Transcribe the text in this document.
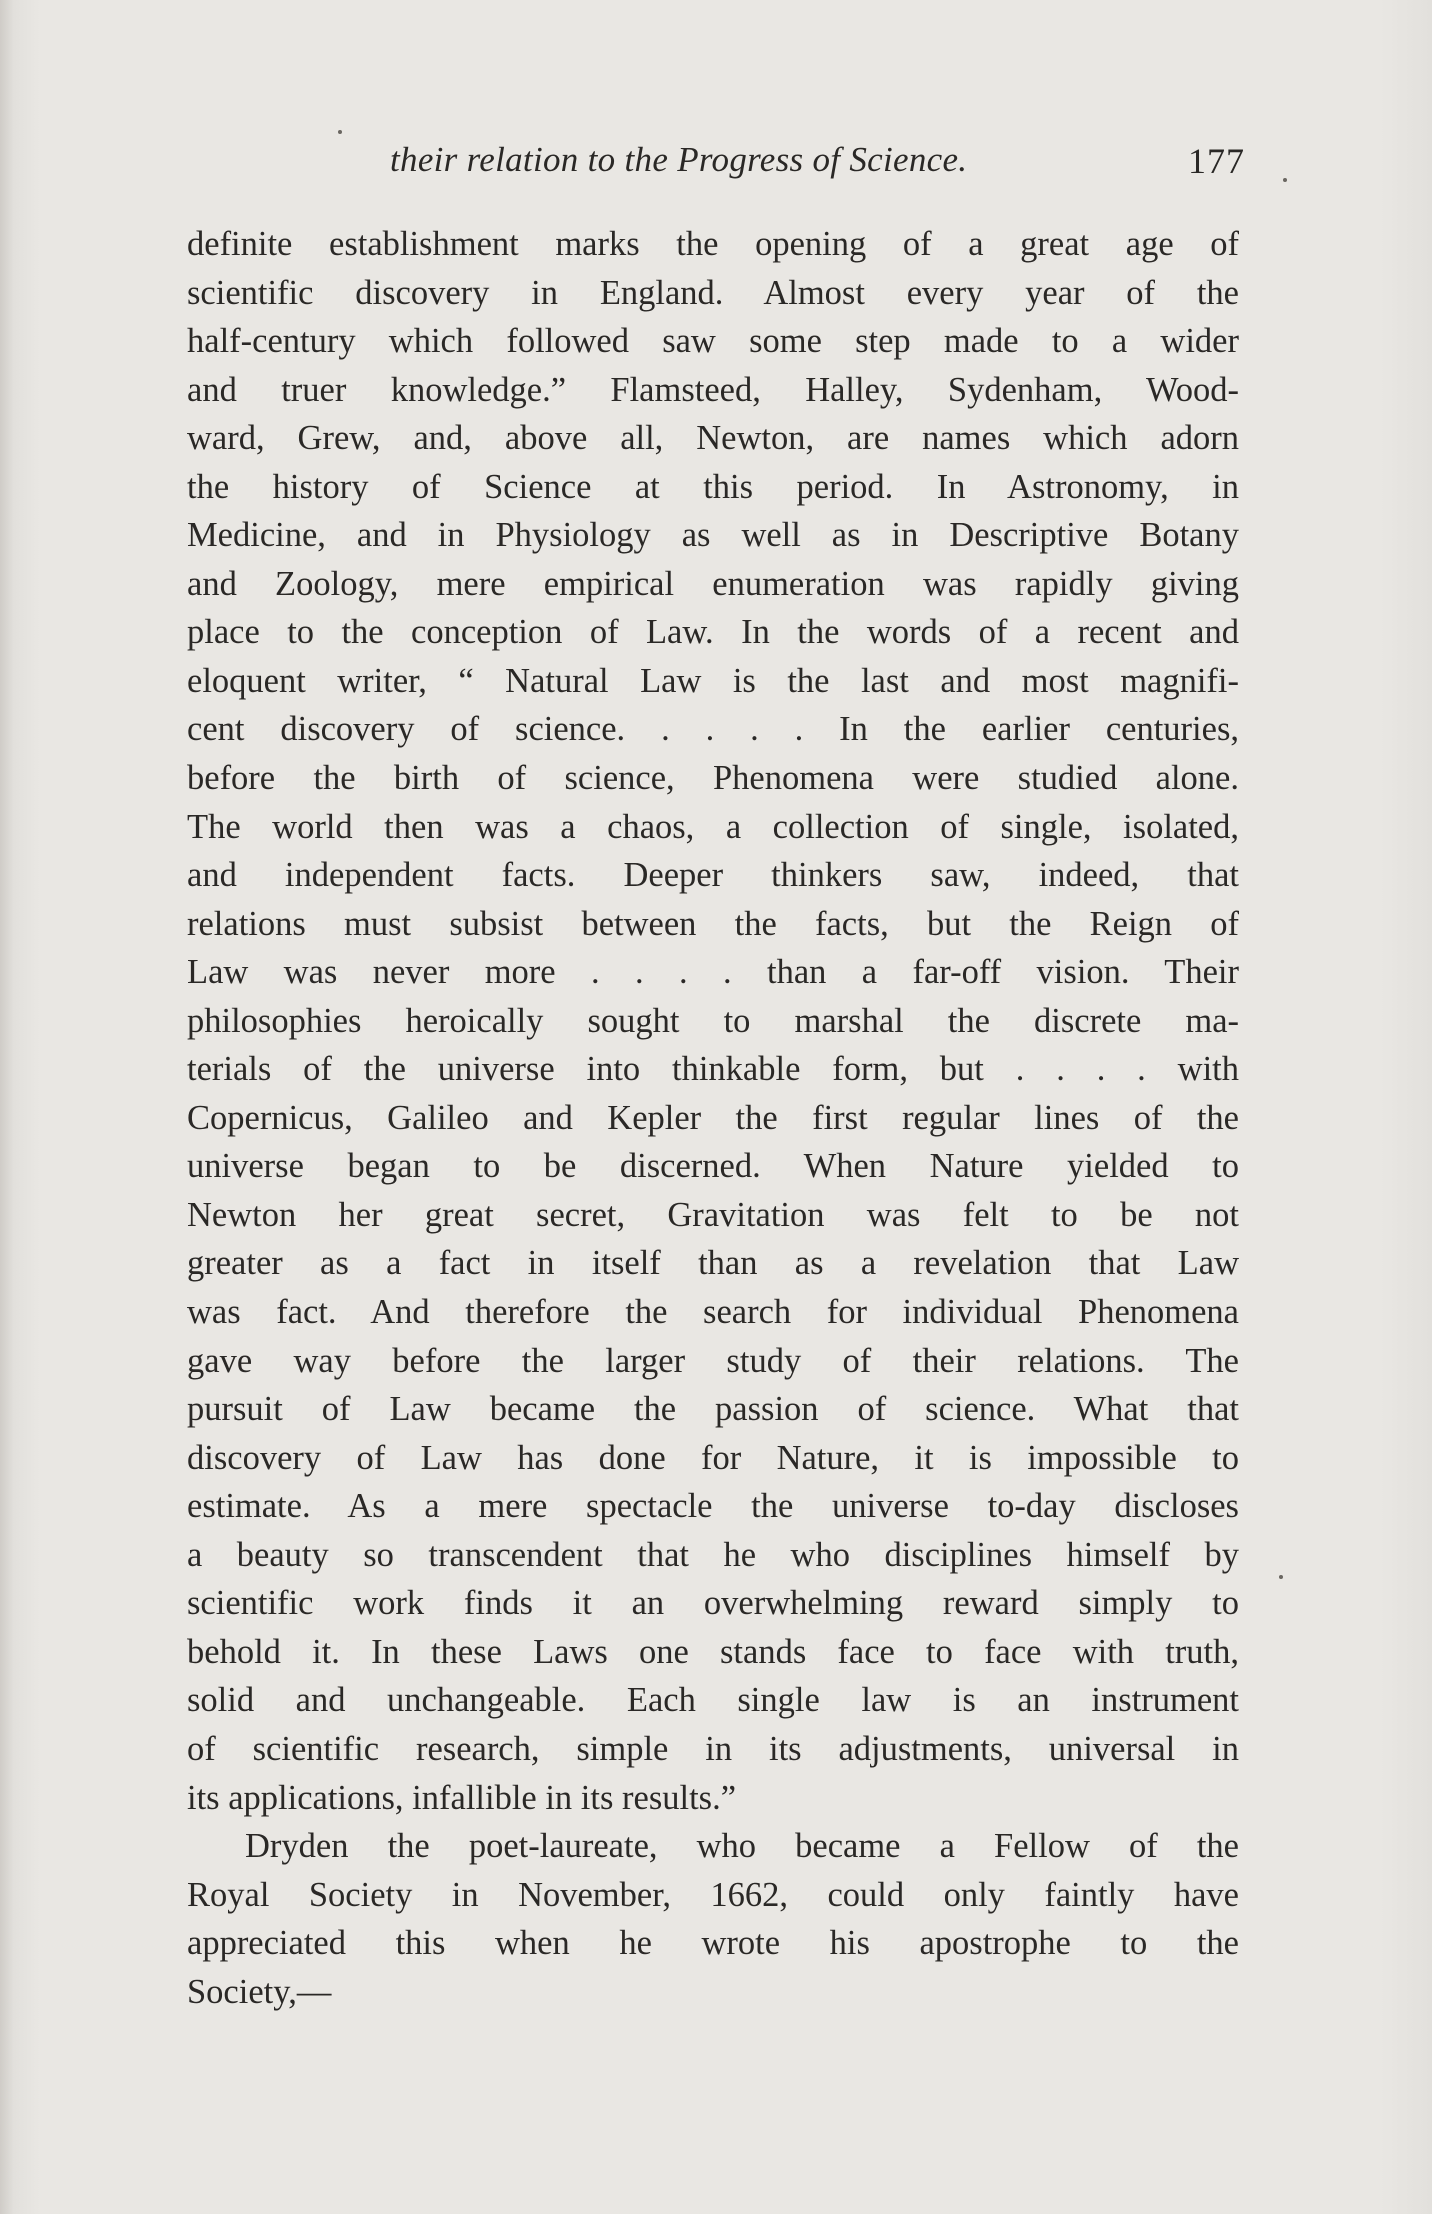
their relation to the Progress of Science.	177
definite establishment marks the opening of a great age of
scientific discovery in England. Almost every year of the
half-century which followed saw some step made to a wider
and truer knowledge.” Flamsteed, Halley, Sydenham, Wood-
ward, Grew, and, above all, Newton, are names which adorn
the history of Science at this period. In Astronomy, in
Medicine, and in Physiology as well as in Descriptive Botany
and Zoology, mere empirical enumeration was rapidly giving
place to the conception of Law. In the words of a recent and
eloquent writer, “ Natural Law is the last and most magnifi-
cent discovery of science. . . . . In the earlier centuries,
before the birth of science, Phenomena were studied alone.
The world then was a chaos, a collection of single, isolated,
and independent facts. Deeper thinkers saw, indeed, that
relations must subsist between the facts, but the Reign of
Law was never more . . . . than a far-off vision. Their
philosophies heroically sought to marshal the discrete ma-
terials of the universe into thinkable form, but . . . . with
Copernicus, Galileo and Kepler the first regular lines of the
universe began to be discerned. When Nature yielded to
Newton her great secret, Gravitation was felt to be not
greater as a fact in itself than as a revelation that Law
was fact. And therefore the search for individual Phenomena
gave way before the larger study of their relations. The
pursuit of Law became the passion of science. What that
discovery of Law has done for Nature, it is impossible to
estimate. As a mere spectacle the universe to-day discloses
a beauty so transcendent that he who disciplines himself by
scientific work finds it an overwhelming reward simply to
behold it. In these Laws one stands face to face with truth,
solid and unchangeable. Each single law is an instrument
of scientific research, simple in its adjustments, universal in
its applications, infallible in its results.”
Dryden the poet-laureate, who became a Fellow of the
Royal Society in November, 1662, could only faintly have
appreciated this when he wrote his apostrophe to the
Society,—
